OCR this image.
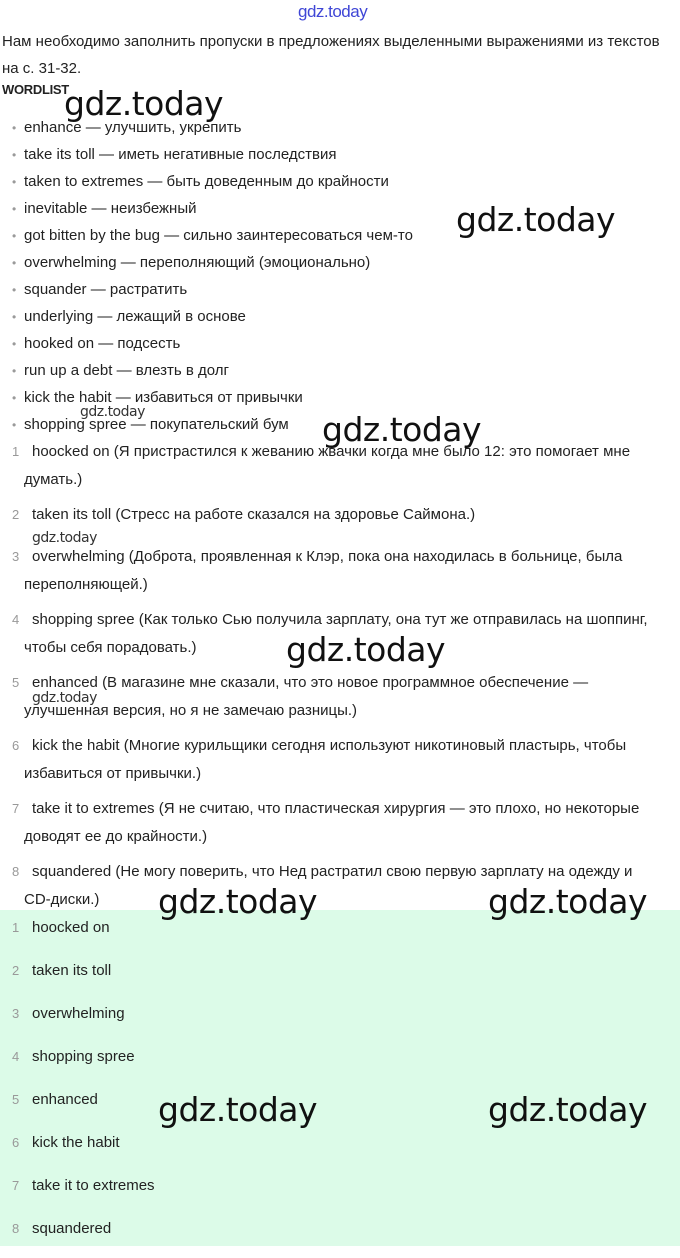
gdz.today
Нам необходимо заполнить пропуски в предложениях выделенными выражениями из текстов на с. 31-32.
WORDLIST
• enhance — улучшить, укрепить
• take its toll — иметь негативные последствия
• taken to extremes — быть доведенным до крайности
• inevitable — неизбежный
• got bitten by the bug — сильно заинтересоваться чем-то
• overwhelming — переполняющий (эмоционально)
• squander — растратить
• underlying — лежащий в основе
• hooked on — подсесть
• run up a debt — влезть в долг
• kick the habit — избавиться от привычки
• shopping spree — покупательский бум
1 hoocked on (Я пристрастился к жеванию жвачки когда мне было 12: это помогает мне думать.)
2 taken its toll (Стресс на работе сказался на здоровье Саймона.)
3 overwhelming (Доброта, проявленная к Клэр, пока она находилась в больнице, была переполняющей.)
4 shopping spree (Как только Сью получила зарплату, она тут же отправилась на шоппинг, чтобы себя порадовать.)
5 enhanced (В магазине мне сказали, что это новое программное обеспечение — улучшенная версия, но я не замечаю разницы.)
6 kick the habit (Многие курильщики сегодня используют никотиновый пластырь, чтобы избавиться от привычки.)
7 take it to extremes (Я не считаю, что пластическая хирургия — это плохо, но некоторые доводят ее до крайности.)
8 squandered (Не могу поверить, что Нед растратил свою первую зарплату на одежду и CD-диски.)
1 hoocked on
2 taken its toll
3 overwhelming
4 shopping spree
5 enhanced
6 kick the habit
7 take it to extremes
8 squandered
gdz.today
gdz.today
gdz.today	gdz.today
gdz.today
gdz.today
gdz.today
gdz.today	gdz.today
gdz.today	gdz.today
